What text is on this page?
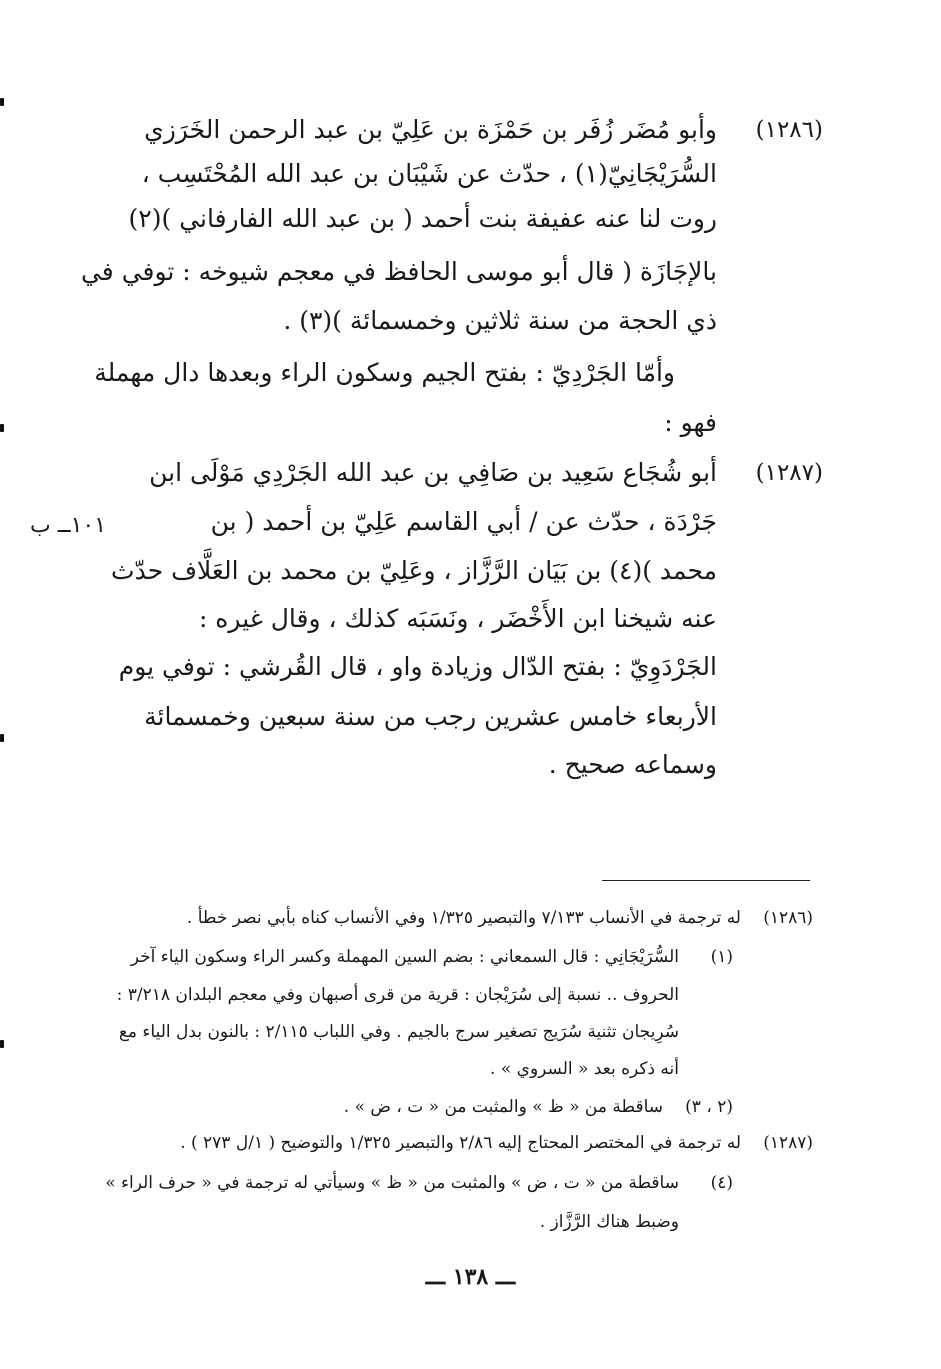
(١٢٨٦)
وأبو مُضَر زُفَر بن حَمْزَة بن عَلِيّ بن عبد الرحمن الخَرَزي
السُّرَيْجَانِيّ(١) ، حدّث عن شَيْبَان بن عبد الله المُحْتَسِب ،
روت لنا عنه عفيفة بنت أحمد ( بن عبد الله الفارفاني )(٢)
بالإجَازَة ( قال أبو موسى الحافظ في معجم شيوخه : توفي في
ذي الحجة من سنة ثلاثين وخمسمائة )(٣) .
وأمّا الجَرْدِيّ : بفتح الجيم وسكون الراء وبعدها دال مهملة
فهو :
(١٢٨٧)
١٠١ــ ب
أبو شُجَاع سَعِيد بن صَافِي بن عبد الله الجَرْدِي مَوْلَى ابن
جَرْدَة ، حدّث عن / أبي القاسم عَلِيّ بن أحمد ( بن
محمد )(٤) بن بَيَان الرَّزَّاز ، وعَلِيّ بن محمد بن العَلَّاف حدّث
عنه شيخنا ابن الأَخْضَر ، ونَسَبَه كذلك ، وقال غيره :
الجَرْدَوِيّ : بفتح الدّال وزيادة واو ، قال القُرشي : توفي يوم
الأربعاء خامس عشرين رجب من سنة سبعين وخمسمائة
وسماعه صحيح .
(١٢٨٦)
له ترجمة في الأنساب ٧/١٣٣ والتبصير ١/٣٢٥ وفي الأنساب كناه بأبي نصر خطأ .
(١)
السُّرَيْجَانِي : قال السمعاني : بضم السين المهملة وكسر الراء وسكون الياء آخر
الحروف .. نسبة إلى سُرَيْجان : قرية من قرى أصبهان وفي معجم البلدان ٣/٢١٨ :
سُرِيجان تثنية سُرَيج تصغير سرج بالجيم . وفي اللباب ٢/١١٥ : بالنون بدل الياء مع
أنه ذكره بعد « السروي » .
(٢ ، ٣)
ساقطة من « ظ » والمثبت من « ت ، ض » .
(١٢٨٧)
له ترجمة في المختصر المحتاج إليه ٢/٨٦ والتبصير ١/٣٢٥ والتوضيح ( ١/ل ٢٧٣ ) .
(٤)
ساقطة من « ت ، ض » والمثبت من « ظ » وسيأتي له ترجمة في « حرف الراء »
وضبط هناك الرَّزَّاز .
ـــ ١٣٨ ـــ
